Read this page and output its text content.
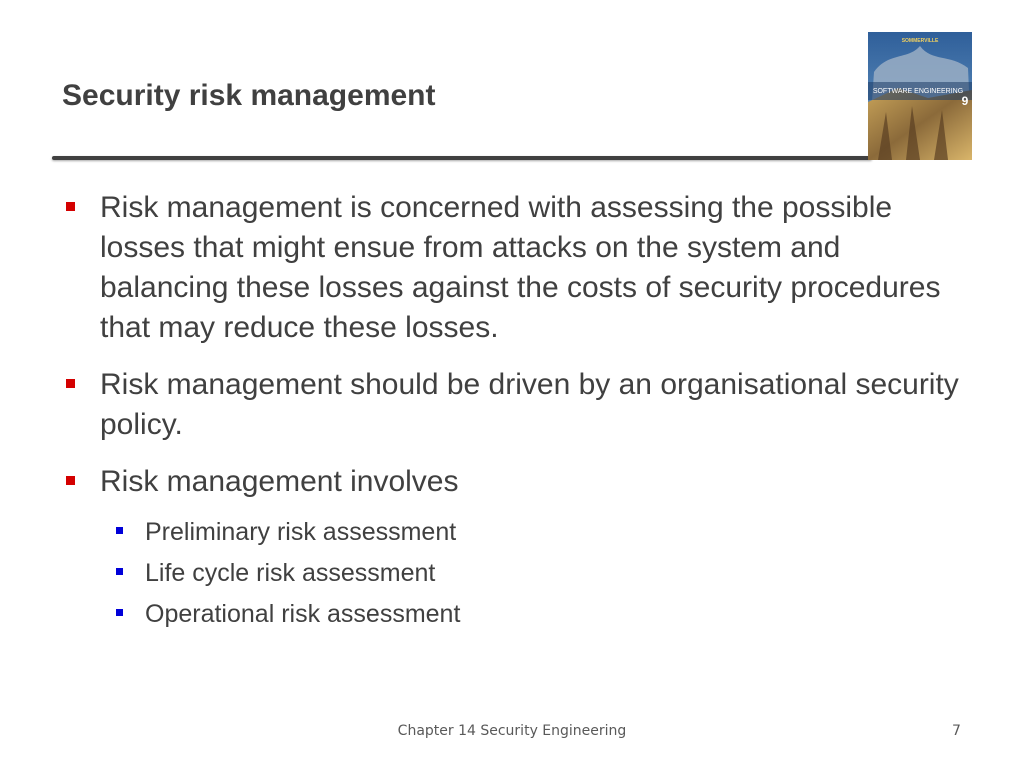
Security risk management
SOMMERVILLE
SOFTWARE ENGINEERING
9
Risk management is concerned with assessing the possible losses that might ensue from attacks on the system and balancing these losses against the costs of security procedures that may reduce these losses.
Risk management should be driven by an organisational security policy.
Risk management involves
Preliminary risk assessment
Life cycle risk assessment
Operational risk assessment
Chapter 14 Security Engineering	7
